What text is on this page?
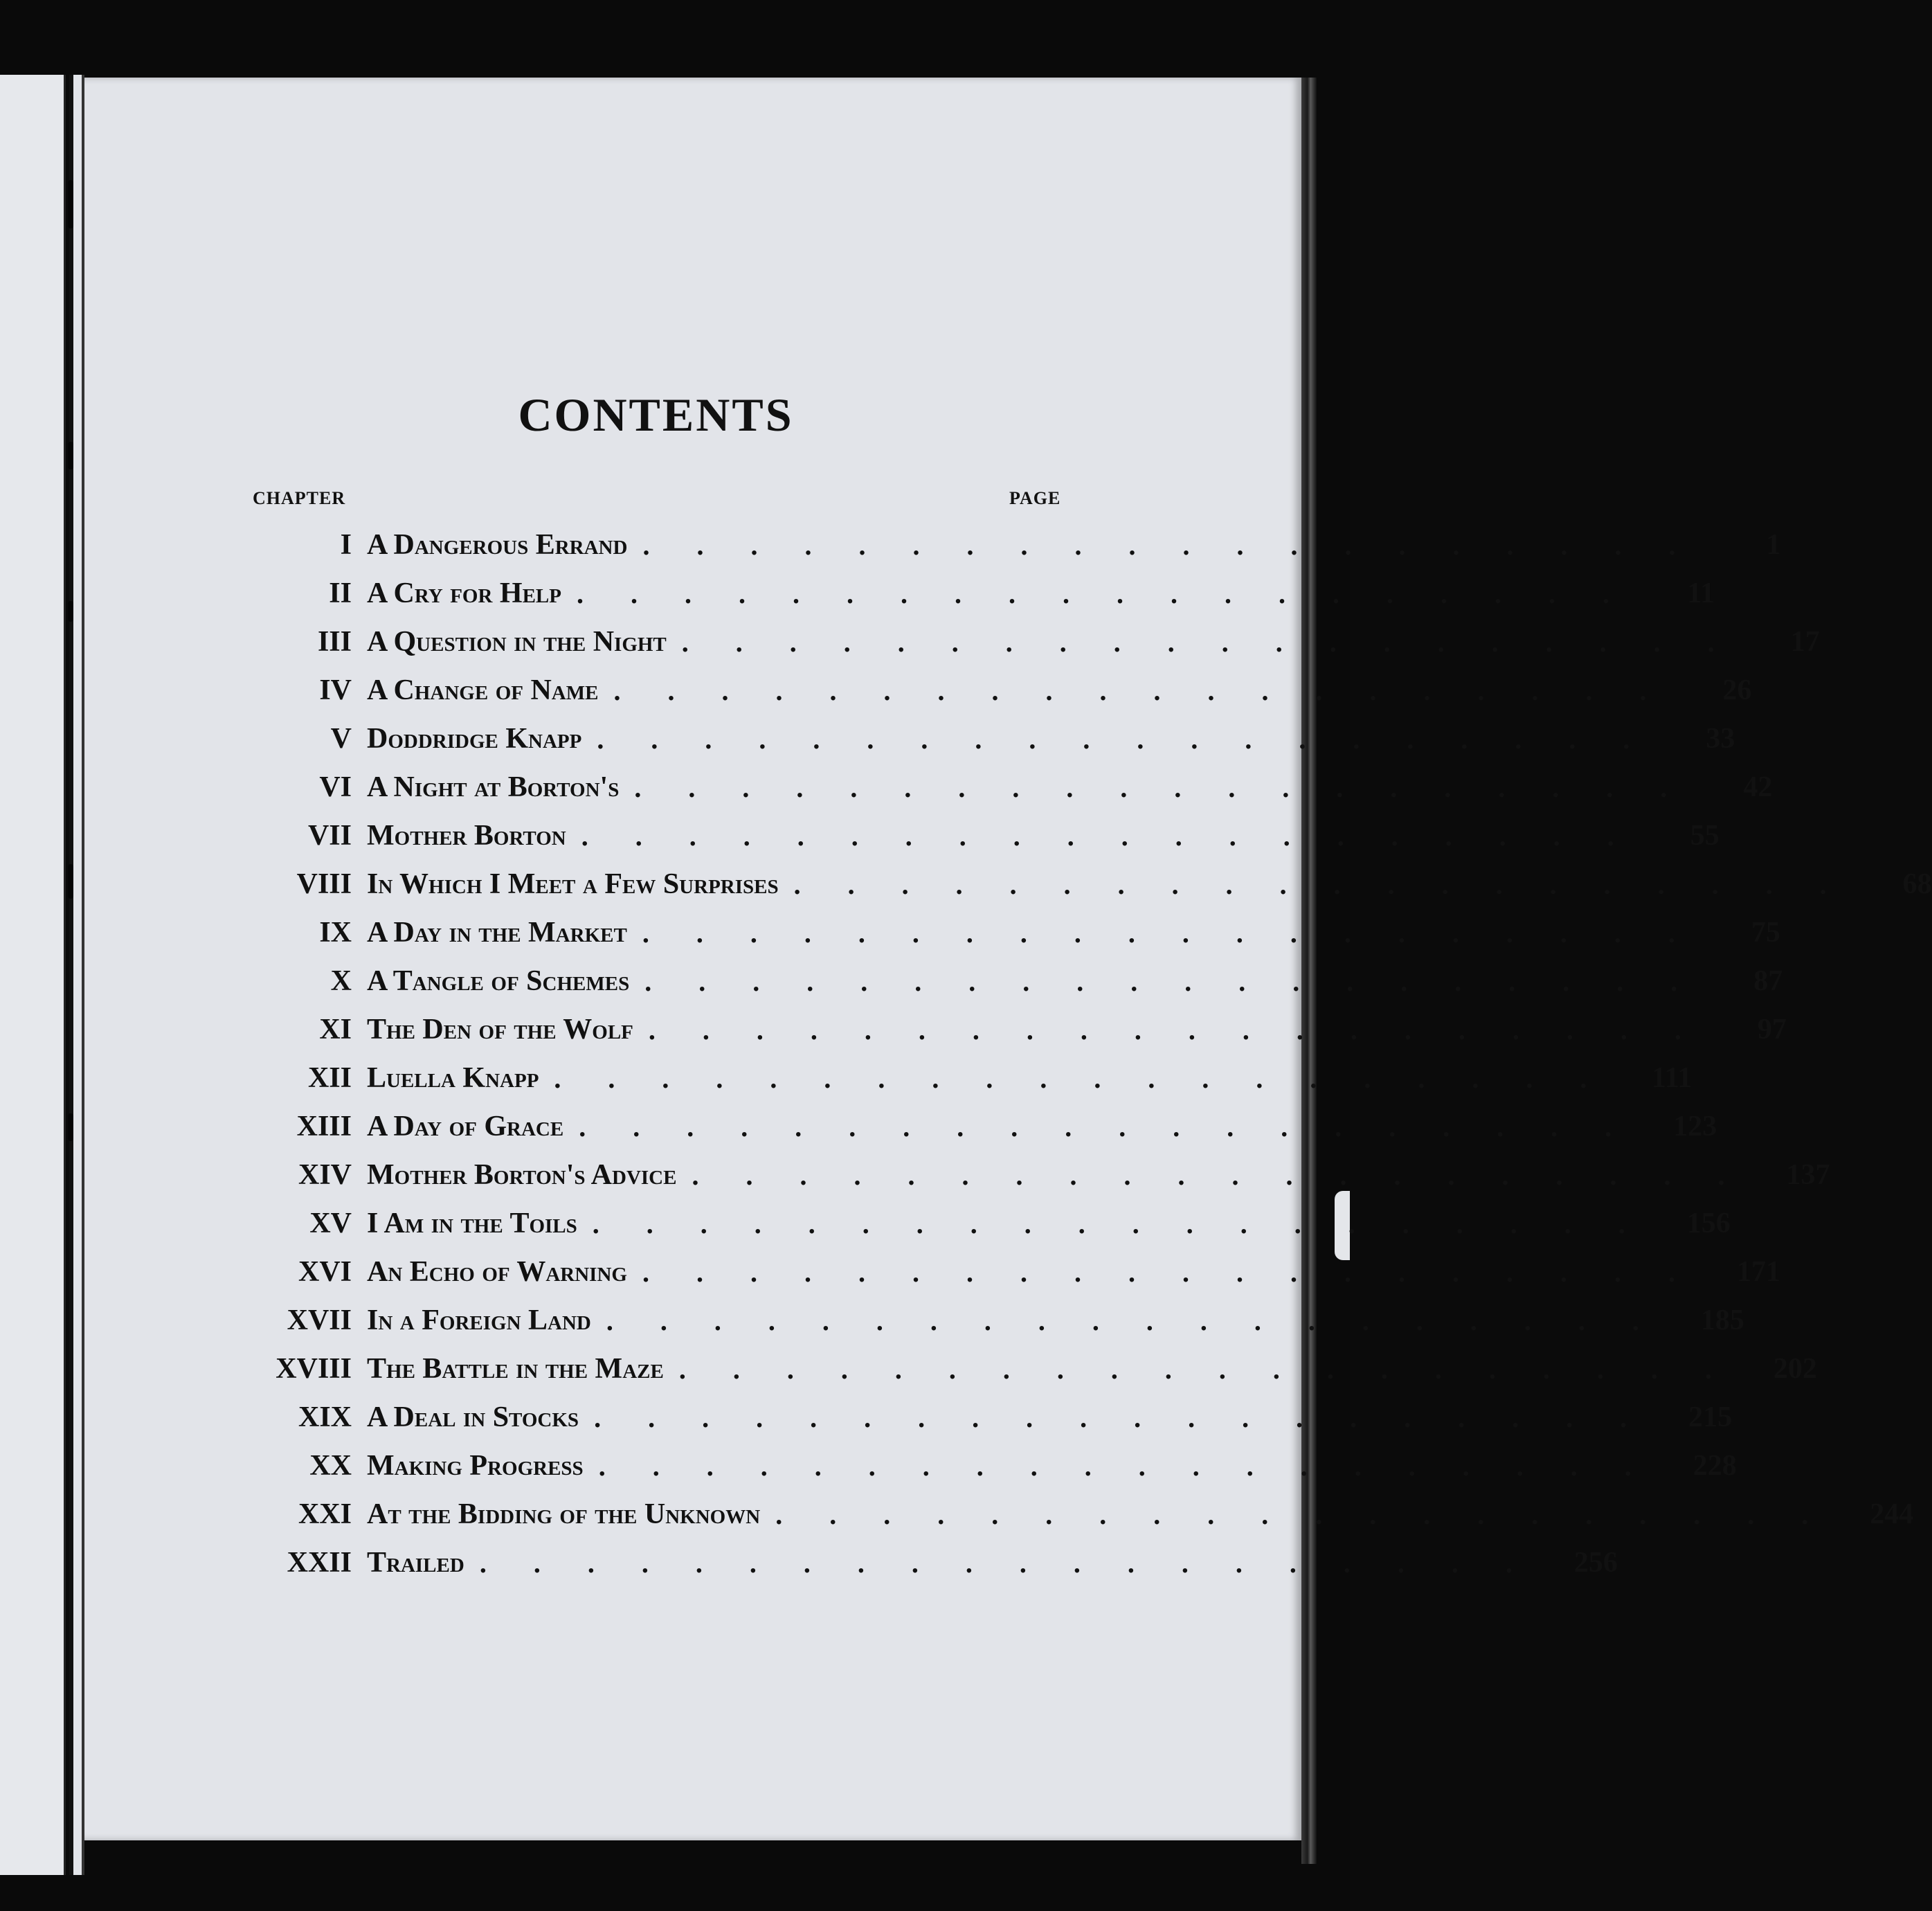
CONTENTS
CHAPTER	PAGE
I A Dangerous Errand ....................	1
II A Cry for Help ....................	11
III A Question in the Night ....................	17
IV A Change of Name ....................	26
V Doddridge Knapp ....................	33
VI A Night at Borton's ....................	42
VII Mother Borton ....................	55
VIII In Which I Meet a Few Surprises ....................	68
IX A Day in the Market ....................	75
X A Tangle of Schemes ....................	87
XI The Den of the Wolf ....................	97
XII Luella Knapp .................... 111
XIII A Day of Grace .................... 123
XIV Mother Borton's Advice .................... 137
XV I Am in the Toils .................... 156
XVI An Echo of Warning .................... 171
XVII In a Foreign Land .................... 185
XVIII The Battle in the Maze .................... 202
XIX A Deal in Stocks .................... 215
XX Making Progress .................... 228
XXI At the Bidding of the Unknown .................... 244
XXII Trailed .................... 256
